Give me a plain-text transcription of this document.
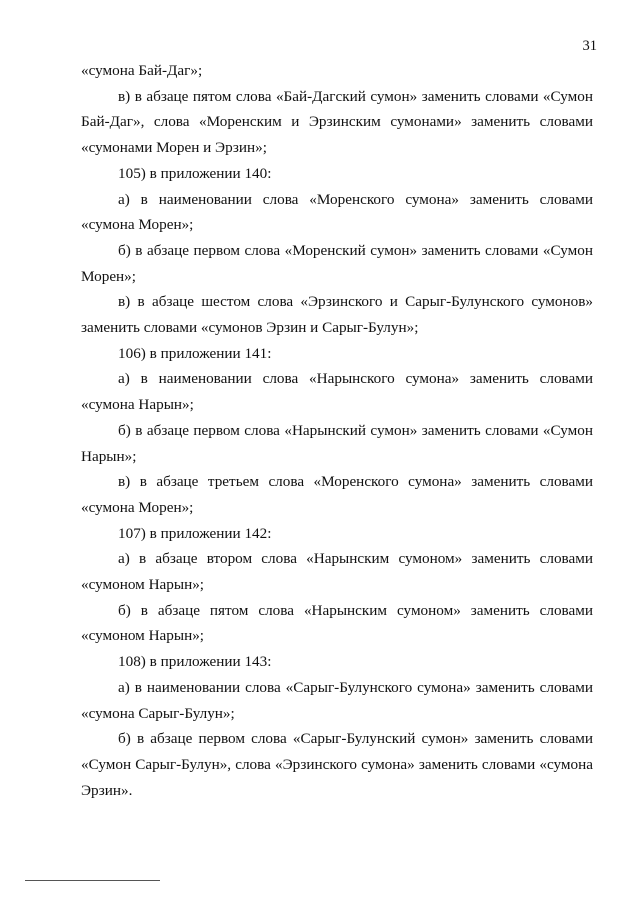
31

«сумона Бай-Даг»;

в) в абзаце пятом слова «Бай-Дагский сумон» заменить словами «Сумон Бай-Даг», слова «Моренским и Эрзинским сумонами» заменить словами «сумонами Морен и Эрзин»;

105) в приложении 140:

а) в наименовании слова «Моренского сумона» заменить словами «сумона Морен»;

б) в абзаце первом слова «Моренский сумон» заменить словами «Сумон Морен»;

в) в абзаце шестом слова «Эрзинского и Сарыг-Булунского сумонов» заменить словами «сумонов Эрзин и Сарыг-Булун»;

106) в приложении 141:

а) в наименовании слова «Нарынского сумона» заменить словами «сумона Нарын»;

б) в абзаце первом слова «Нарынский сумон» заменить словами «Сумон Нарын»;

в) в абзаце третьем слова «Моренского сумона» заменить словами «сумона Морен»;

107) в приложении 142:

а) в абзаце втором слова «Нарынским сумоном» заменить словами «сумоном Нарын»;

б) в абзаце пятом слова «Нарынским сумоном» заменить словами «сумоном Нарын»;

108) в приложении 143:

а) в наименовании слова «Сарыг-Булунского сумона» заменить словами «сумона Сарыг-Булун»;

б) в абзаце первом слова «Сарыг-Булунский сумон» заменить словами «Сумон Сарыг-Булун», слова «Эрзинского сумона» заменить словами «сумона Эрзин».
